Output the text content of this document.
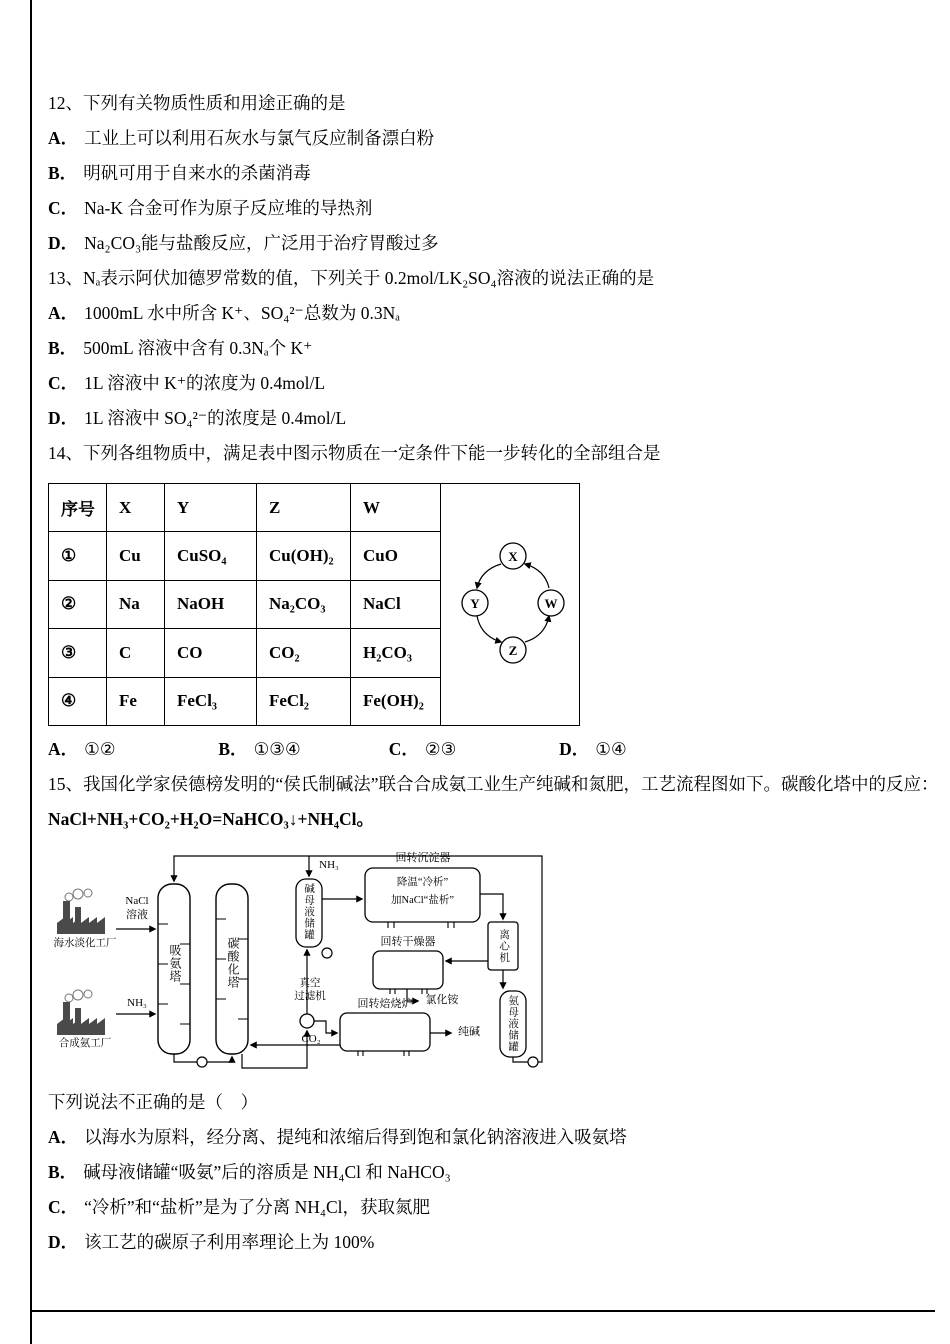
12、下列有关物质性质和用途正确的是

A． 工业上可以利用石灰水与氯气反应制备漂白粉

B． 明矾可用于自来水的杀菌消毒

C． Na-K 合金可作为原子反应堆的导热剂

D． Na₂CO₃能与盐酸反应，广泛用于治疗胃酸过多

13、Nₐ表示阿伏加德罗常数的值，下列关于 0.2mol/LK₂SO₄溶液的说法正确的是

A． 1000mL 水中所含 K⁺、SO₄²⁻总数为 0.3Nₐ

B． 500mL 溶液中含有 0.3Nₐ个 K⁺

C． 1L 溶液中 K⁺的浓度为 0.4mol/L

D． 1L 溶液中 SO₄²⁻的浓度是 0.4mol/L

14、下列各组物质中，满足表中图示物质在一定条件下能一步转化的全部组合是

序号	X	Y	Z	W	X
W
Z
Y

①	Cu	CuSO₄	Cu(OH)₂	CuO	
②	Na	NaOH	Na₂CO₃	NaCl	
③	C	CO	CO₂	H₂CO₃	
④	Fe	FeCl₃	FeCl₂	Fe(OH)₂	

A． ①②	B． ①③④	C． ②③	D． ①④

15、我国化学家侯德榜发明的“侯氏制碱法”联合合成氨工业生产纯碱和氮肥，工艺流程图如下。碳酸化塔中的反应：

NaCl+NH₃+CO₂+H₂O=NaHCO₃↓+NH₄Cl。

海水淡化工厂
NaCl
溶液
合成氨工厂
NH₃
吸氨塔	碳酸化塔
NH₃
碱母液储罐
回转沉淀器
降温“冷析”
加NaCl“盐析”
离心机
回转干燥器
氯化铵
真空
过滤机
回转焙烧炉
纯碱
CO₂	氨母液储罐

下列说法不正确的是（　）

A． 以海水为原料，经分离、提纯和浓缩后得到饱和氯化钠溶液进入吸氨塔

B． 碱母液储罐“吸氨”后的溶质是 NH₄Cl 和 NaHCO₃

C． “冷析”和“盐析”是为了分离 NH₄Cl，获取氮肥

D． 该工艺的碳原子利用率理论上为 100%
